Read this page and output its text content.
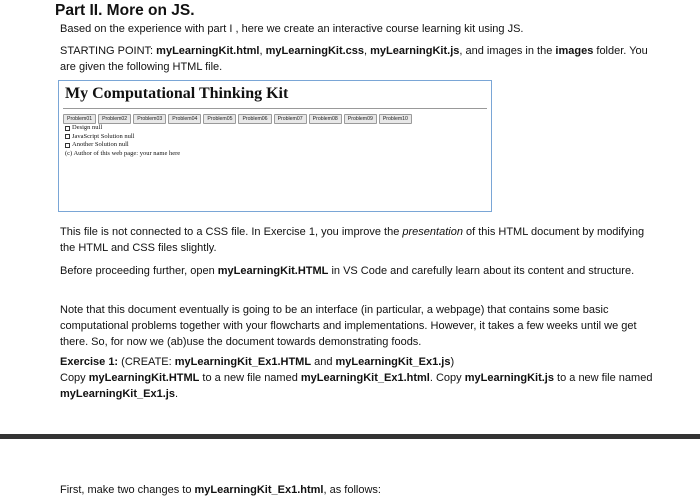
Part II. More on JS.

Based on the experience with part I , here we create an interactive course learning kit using JS.

STARTING POINT: myLearningKit.html, myLearningKit.css, myLearningKit.js, and images in the images folder. You are given the following HTML file.

My Computational Thinking Kit
Problem01	Problem02	Problem03	Problem04	Problem05	Problem06	Problem07	Problem08	Problem09	Problem10
Design null
JavaScript Solution null
Another Solution null
(c) Author of this web page: your name here

This file is not connected to a CSS file. In Exercise 1, you improve the presentation of this HTML document by modifying the HTML and CSS files slightly.

Before proceeding further, open myLearningKit.HTML in VS Code and carefully learn about its content and structure.

Note that this document eventually is going to be an interface (in particular, a webpage) that contains some basic computational problems together with your flowcharts and implementations. However, it takes a few weeks until we get there. So, for now we (ab)use the document towards demonstrating foods.

Exercise 1: (CREATE: myLearningKit_Ex1.HTML and myLearningKit_Ex1.js)

Copy myLearningKit.HTML to a new file named myLearningKit_Ex1.html. Copy myLearningKit.js to a new file named myLearningKit_Ex1.js.

First, make two changes to myLearningKit_Ex1.html, as follows:
